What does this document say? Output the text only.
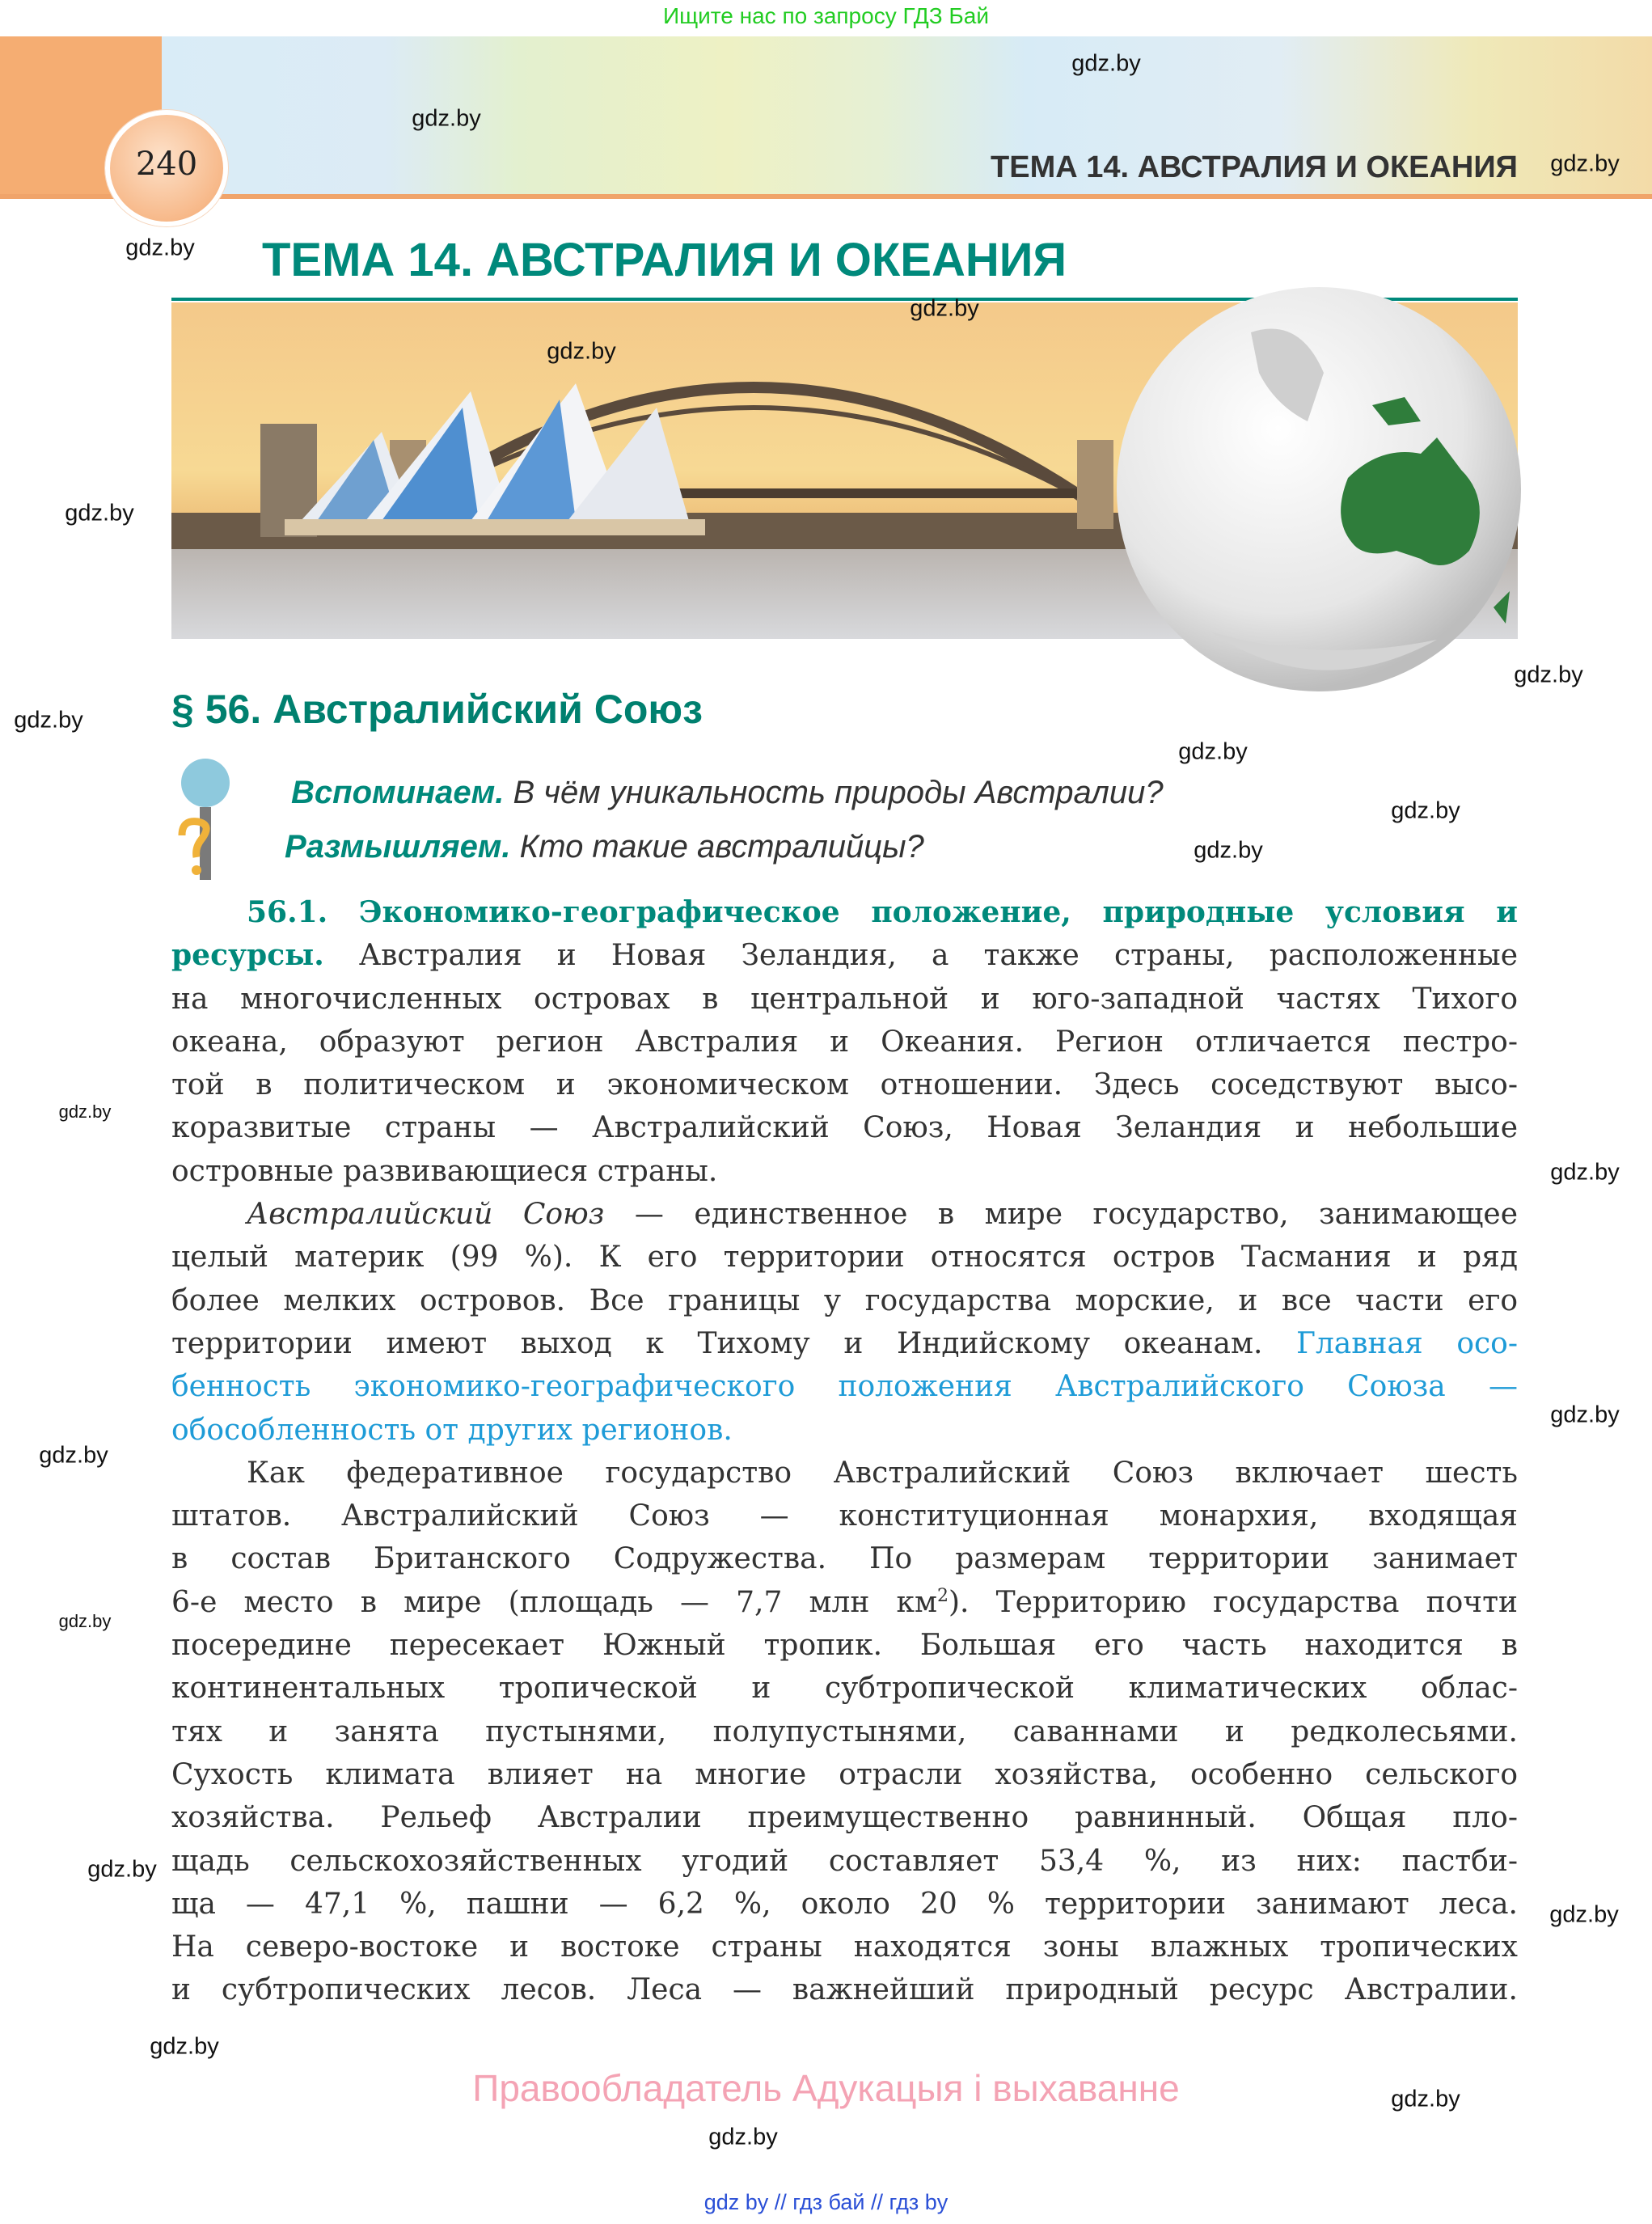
Ищите нас по запросу ГДЗ Бай
240	ТЕМА 14. АВСТРАЛИЯ И ОКЕАНИЯ
ТЕМА 14. АВСТРАЛИЯ И ОКЕАНИЯ
§ 56. Австралийский Союз
Вспоминаем. В чём уникальность природы Австралии?
Размышляем. Кто такие австралийцы?
56.1. Экономико-географическое положение, природные условия и
ресурсы. Австралия и Новая Зеландия, а также страны, расположенные
на многочисленных островах в центральной и юго-западной частях Тихого
океана, образуют регион Австралия и Океания. Регион отличается пестро-
той в политическом и экономическом отношении. Здесь соседствуют высо-
коразвитые страны — Австралийский Союз, Новая Зеландия и небольшие
островные развивающиеся страны.
Австралийский Союз — единственное в мире государство, занимающее
целый материк (99 %). К его территории относятся остров Тасмания и ряд
более мелких островов. Все границы у государства морские, и все части его
территории имеют выход к Тихому и Индийскому океанам. Главная осо-
бенность экономико-географического положения Австралийского Союза —
обособленность от других регионов.
Как федеративное государство Австралийский Союз включает шесть
штатов. Австралийский Союз — конституционная монархия, входящая
в состав Британского Содружества. По размерам территории занимает
6-е место в мире (площадь — 7,7 млн $км^2$). Территорию государства почти
посередине пересекает Южный тропик. Большая его часть находится в
континентальных тропической и субтропической климатических облас-
тях и занята пустынями, полупустынями, саваннами и редколесьями.
Сухость климата влияет на многие отрасли хозяйства, особенно сельского
хозяйства. Рельеф Австралии преимущественно равнинный. Общая пло-
щадь сельскохозяйственных угодий составляет 53,4 %, из них: пастби-
ща — 47,1 %, пашни — 6,2 %, около 20 % территории занимают леса.
На северо-востоке и востоке страны находятся зоны влажных тропических
и субтропических лесов. Леса — важнейший природный ресурс Австралии.
Правообладатель Адукацыя і выхаванне
gdz by // гдз бай // гдз by
gdz.by
gdz.by
gdz.by
gdz.by
gdz.by
gdz.by
gdz.by
gdz.by
gdz.by
gdz.by
gdz.by
gdz.by
gdz.by
gdz.by
gdz.by
gdz.by
gdz.by
gdz.by
gdz.by
gdz.by
gdz.by
gdz.by
